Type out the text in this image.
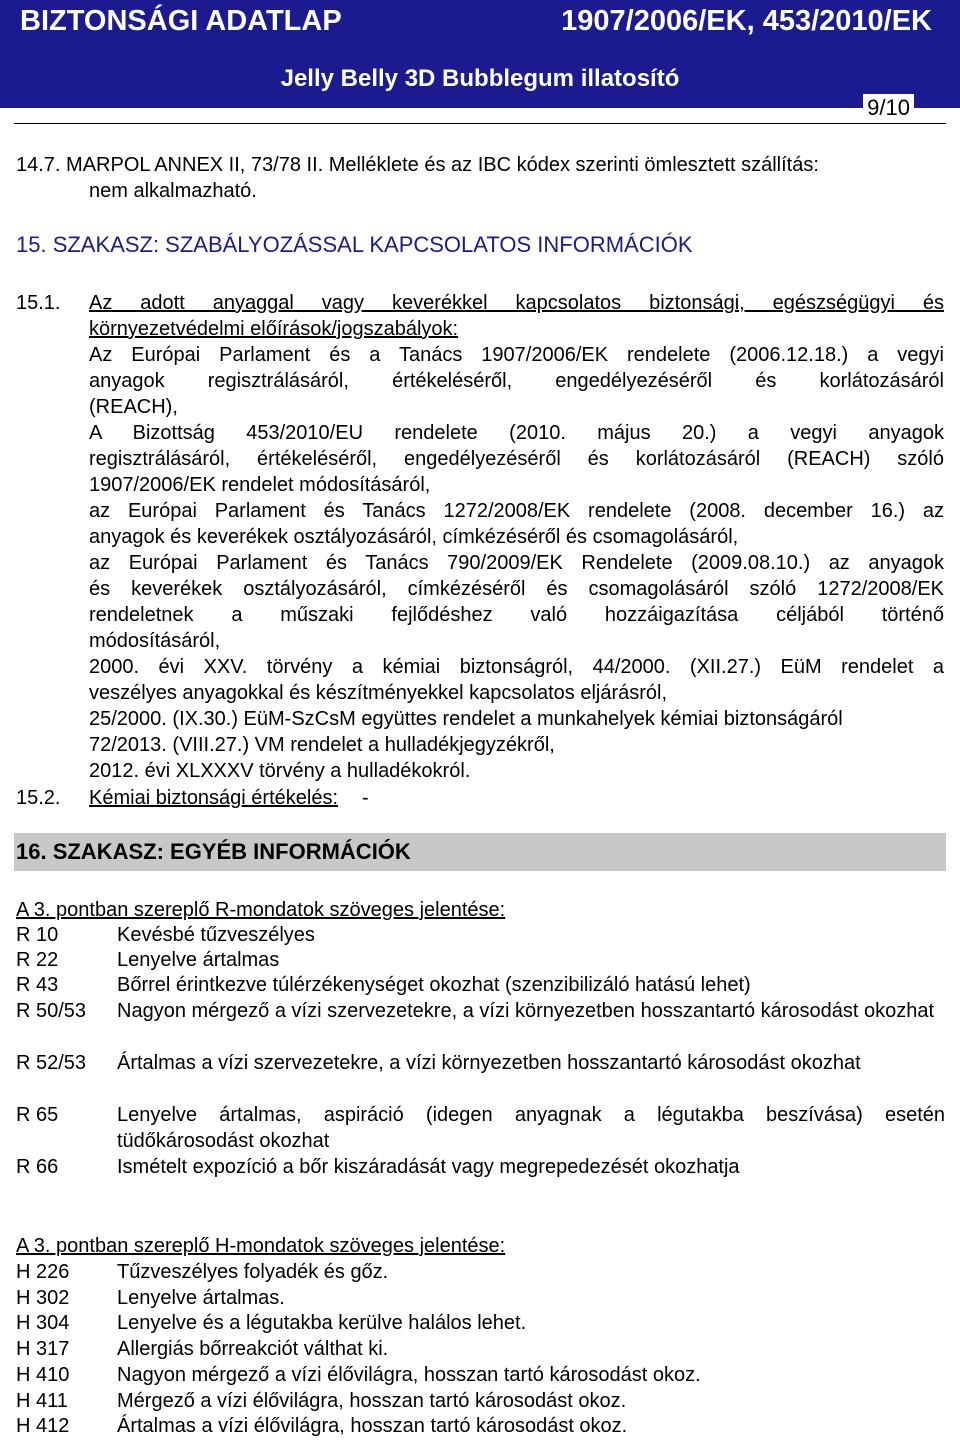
BIZTONSÁGI ADATLAP	1907/2006/EK, 453/2010/EK
Jelly Belly 3D Bubblegum illatosító
9/10
14.7. MARPOL ANNEX II, 73/78 II. Melléklete és az IBC kódex szerinti ömlesztett szállítás:
nem alkalmazható.
15. SZAKASZ: SZABÁLYOZÁSSAL KAPCSOLATOS INFORMÁCIÓK
15.1. Az adott anyaggal vagy keverékkel kapcsolatos biztonsági, egészségügyi és
környezetvédelmi előírások/jogszabályok:
Az Európai Parlament és a Tanács 1907/2006/EK rendelete (2006.12.18.) a vegyi
anyagok regisztrálásáról, értékeléséről, engedélyezéséről és korlátozásáról
(REACH),
A Bizottság 453/2010/EU rendelete (2010. május 20.) a vegyi anyagok
regisztrálásáról, értékeléséről, engedélyezéséről és korlátozásáról (REACH) szóló
1907/2006/EK rendelet módosításáról,
az Európai Parlament és Tanács 1272/2008/EK rendelete (2008. december 16.) az
anyagok és keverékek osztályozásáról, címkézéséről és csomagolásáról,
az Európai Parlament és Tanács 790/2009/EK Rendelete (2009.08.10.) az anyagok
és keverékek osztályozásáról, címkézéséről és csomagolásáról szóló 1272/2008/EK
rendeletnek a műszaki fejlődéshez való hozzáigazítása céljából történő
módosításáról,
2000. évi XXV. törvény a kémiai biztonságról, 44/2000. (XII.27.) EüM rendelet a
veszélyes anyagokkal és készítményekkel kapcsolatos eljárásról,
25/2000. (IX.30.) EüM-SzCsM együttes rendelet a munkahelyek kémiai biztonságáról
72/2013. (VIII.27.) VM rendelet a hulladékjegyzékről,
2012. évi XLXXXV törvény a hulladékokról.
15.2. Kémiai biztonsági értékelés: -
16. SZAKASZ: EGYÉB INFORMÁCIÓK
A 3. pontban szereplő R-mondatok szöveges jelentése:
R 10	Kevésbé tűzveszélyes
R 22	Lenyelve ártalmas
R 43	Bőrrel érintkezve túlérzékenységet okozhat (szenzibilizáló hatású lehet)
R 50/53 Nagyon mérgező a vízi szervezetekre, a vízi környezetben hosszantartó károsodást okozhat
R 52/53 Ártalmas a vízi szervezetekre, a vízi környezetben hosszantartó károsodást okozhat
R 65	Lenyelve ártalmas, aspiráció (idegen anyagnak a légutakba beszívása) esetén tüdőkárosodást okozhat
R 66	Ismételt expozíció a bőr kiszáradását vagy megrepedezését okozhatja
A 3. pontban szereplő H-mondatok szöveges jelentése:
H 226 Tűzveszélyes folyadék és gőz.
H 302 Lenyelve ártalmas.
H 304 Lenyelve és a légutakba kerülve halálos lehet.
H 317 Allergiás bőrreakciót válthat ki.
H 410 Nagyon mérgező a vízi élővilágra, hosszan tartó károsodást okoz.
H 411 Mérgező a vízi élővilágra, hosszan tartó károsodást okoz.
H 412 Ártalmas a vízi élővilágra, hosszan tartó károsodást okoz.
